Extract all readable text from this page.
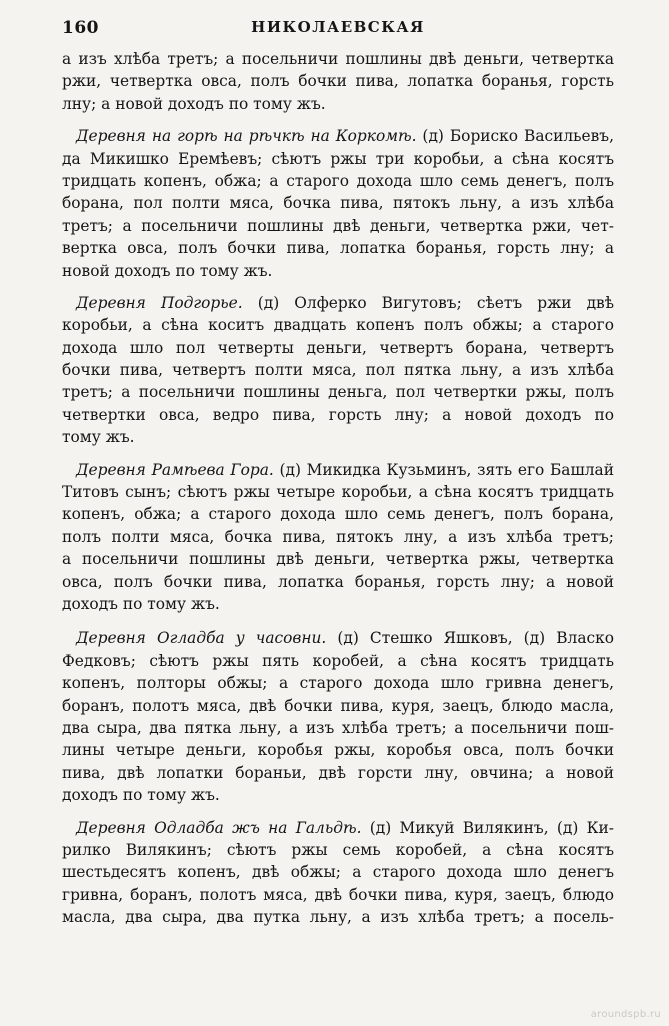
160	НИКОЛАЕВСКАЯ
а изъ хлѣба третъ; а посельничи пошлины двѣ деньги, четвертка
ржи, четвертка овса, полъ бочки пива, лопатка боранья, горсть
лну; а новой доходъ по тому жъ.
Деревня на горѣ на рѣчкѣ на Коркомѣ. (д) Бориско Васильевъ,
да Микишко Еремѣевъ; сѣютъ ржы три коробьи, а сѣна косятъ
тридцать копенъ, обжа; а старого дохода шло семь денегъ, полъ
борана, пол полти мяса, бочка пива, пятокъ льну, а изъ хлѣба
третъ; а посельничи пошлины двѣ деньги, четвертка ржи, чет-
вертка овса, полъ бочки пива, лопатка боранья, горсть лну; а
новой доходъ по тому жъ.
Деревня Подгорье. (д) Олферко Вигутовъ; сѣетъ ржи двѣ
коробьи, а сѣна коситъ двадцать копенъ полъ обжы; а старого
дохода шло пол четверты деньги, четвертъ борана, четвертъ
бочки пива, четвертъ полти мяса, пол пятка льну, а изъ хлѣба
третъ; а посельничи пошлины деньга, пол четвертки ржы, полъ
четвертки овса, ведро пива, горсть лну; а новой доходъ по
тому жъ.
Деревня Рамѣева Гора. (д) Микидка Кузьминъ, зять его Башлай
Титовъ сынъ; сѣютъ ржы четыре коробьи, а сѣна косятъ тридцать
копенъ, обжа; а старого дохода шло семь денегъ, полъ борана,
полъ полти мяса, бочка пива, пятокъ лну, а изъ хлѣба третъ;
а посельничи пошлины двѣ деньги, четвертка ржы, четвертка
овса, полъ бочки пива, лопатка боранья, горсть лну; а новой
доходъ по тому жъ.
Деревня Огладба у часовни. (д) Стешко Яшковъ, (д) Власко
Федковъ; сѣютъ ржы пять коробей, а сѣна косятъ тридцать
копенъ, полторы обжы; а старого дохода шло гривна денегъ,
боранъ, полотъ мяса, двѣ бочки пива, куря, заецъ, блюдо масла,
два сыра, два пятка льну, а изъ хлѣба третъ; а посельничи пош-
лины четыре деньги, коробья ржы, коробья овса, полъ бочки
пива, двѣ лопатки бораньи, двѣ горсти лну, овчина; а новой
доходъ по тому жъ.
Деревня Одладба жъ на Гальдѣ. (д) Микуй Вилякинъ, (д) Ки-
рилко Вилякинъ; сѣютъ ржы семь коробей, а сѣна косятъ
шестьдесятъ копенъ, двѣ обжы; а старого дохода шло денегъ
гривна, боранъ, полотъ мяса, двѣ бочки пива, куря, заецъ, блюдо
масла, два сыра, два путка льну, а изъ хлѣба третъ; а посель-
aroundspb.ru
